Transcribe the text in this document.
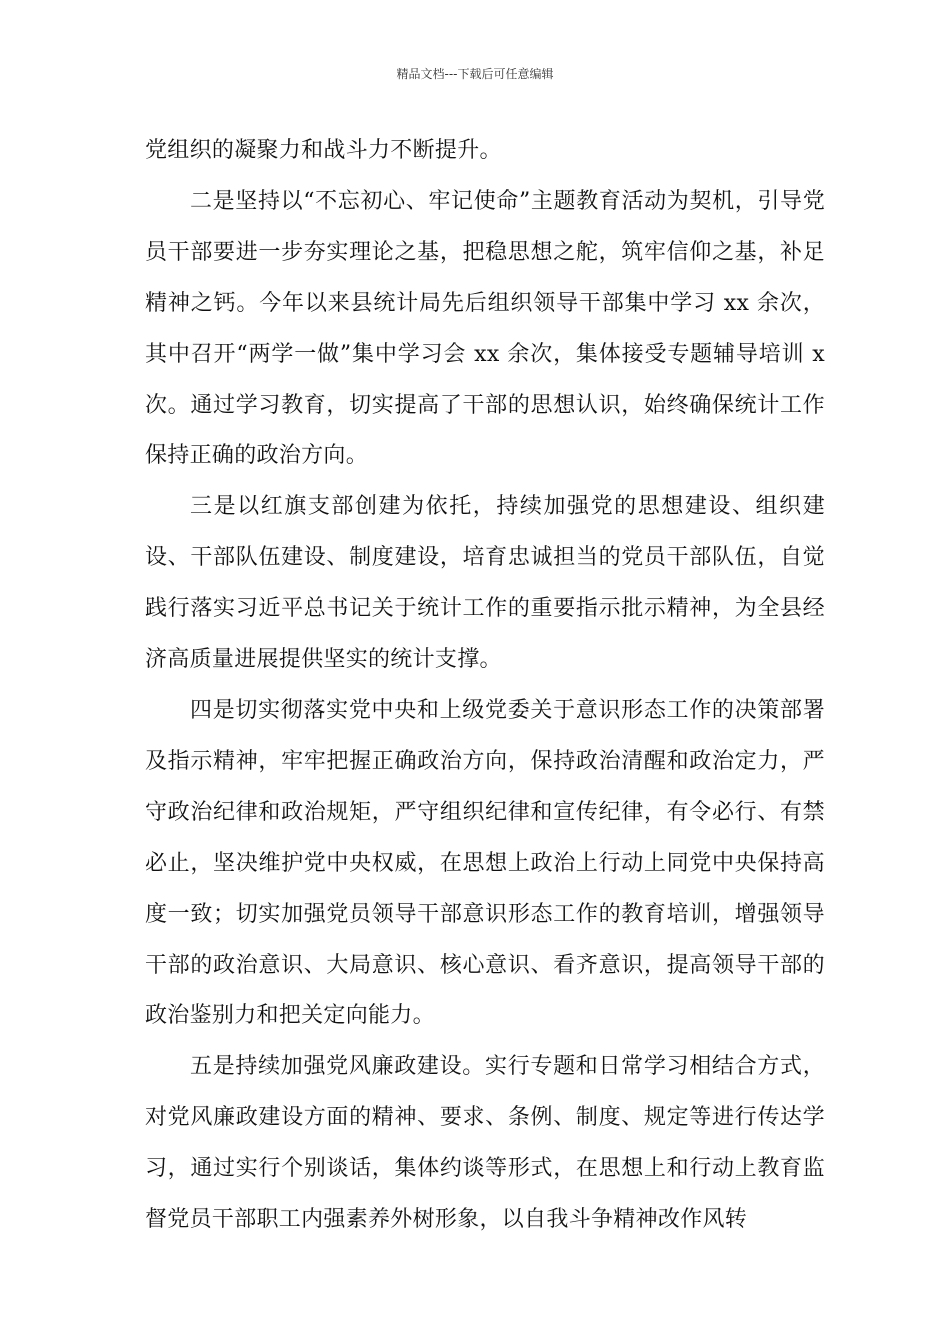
精品文档---下载后可任意编辑

党组织的凝聚力和战斗力不断提升。

二是坚持以“不忘初心、牢记使命”主题教育活动为契机，引导党员干部要进一步夯实理论之基，把稳思想之舵，筑牢信仰之基，补足精神之钙。今年以来县统计局先后组织领导干部集中学习 xx 余次，其中召开“两学一做”集中学习会 xx 余次，集体接受专题辅导培训 x 次。通过学习教育，切实提高了干部的思想认识，始终确保统计工作保持正确的政治方向。

三是以红旗支部创建为依托，持续加强党的思想建设、组织建设、干部队伍建设、制度建设，培育忠诚担当的党员干部队伍，自觉践行落实习近平总书记关于统计工作的重要指示批示精神，为全县经济高质量进展提供坚实的统计支撑。

四是切实彻落实党中央和上级党委关于意识形态工作的决策部署及指示精神，牢牢把握正确政治方向，保持政治清醒和政治定力，严守政治纪律和政治规矩，严守组织纪律和宣传纪律，有令必行、有禁必止，坚决维护党中央权威，在思想上政治上行动上同党中央保持高度一致；切实加强党员领导干部意识形态工作的教育培训，增强领导干部的政治意识、大局意识、核心意识、看齐意识，提高领导干部的政治鉴别力和把关定向能力。

五是持续加强党风廉政建设。实行专题和日常学习相结合方式，对党风廉政建设方面的精神、要求、条例、制度、规定等进行传达学习，通过实行个别谈话，集体约谈等形式，在思想上和行动上教育监督党员干部职工内强素养外树形象，以自我斗争精神改作风转
